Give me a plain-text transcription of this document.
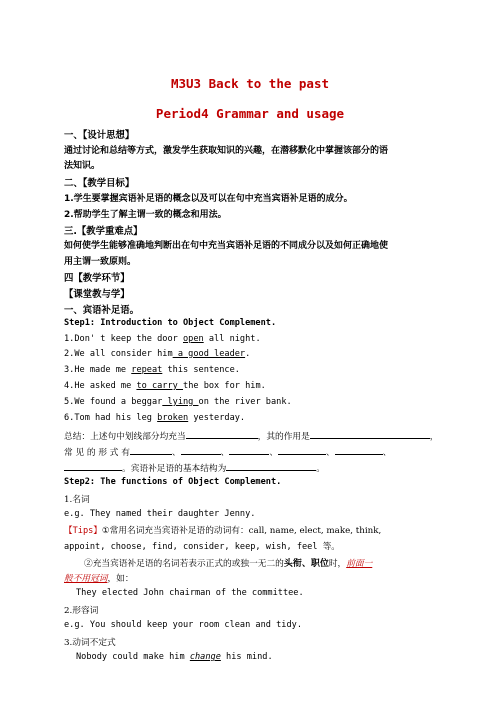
M3U3 Back to the past
Period4 Grammar and usage
一、【设计思想】
通过讨论和总结等方式，激发学生获取知识的兴趣，在潜移默化中掌握该部分的语
法知识。
二、【教学目标】
1.学生要掌握宾语补足语的概念以及可以在句中充当宾语补足语的成分。
2.帮助学生了解主谓一致的概念和用法。
三.【教学重难点】
如何使学生能够准确地判断出在句中充当宾语补足语的不同成分以及如何正确地使
用主谓一致原则。
四【教学环节】
【课堂教与学】
一、宾语补足语。
Step1: Introduction to Object Complement.
1.Don' t keep the door open all night.
2.We all consider him a good leader.
3.He made me repeat this sentence.
4.He asked me to carry the box for him.
5.We found a beggar lying on the river bank.
6.Tom had his leg broken yesterday.
总结：上述句中划线部分均充当	，其的作用是	，
常 见 的 形 式 有	、	、	、	、	、
。宾语补足语的基本结构为	。
Step2: The functions of Object Complement.
1.名词
e.g. They named their daughter Jenny.
【Tips】①常用名词充当宾语补足语的动词有：call, name, elect, make, think,
appoint, choose, find, consider, keep, wish, feel 等。
②充当宾语补足语的名词若表示正式的或独一无二的头衔、职位时，前面一
般不用冠词，如：
They elected John chairman of the committee.
2.形容词
e.g. You should keep your room clean and tidy.
3.动词不定式
Nobody could make him change his mind.
